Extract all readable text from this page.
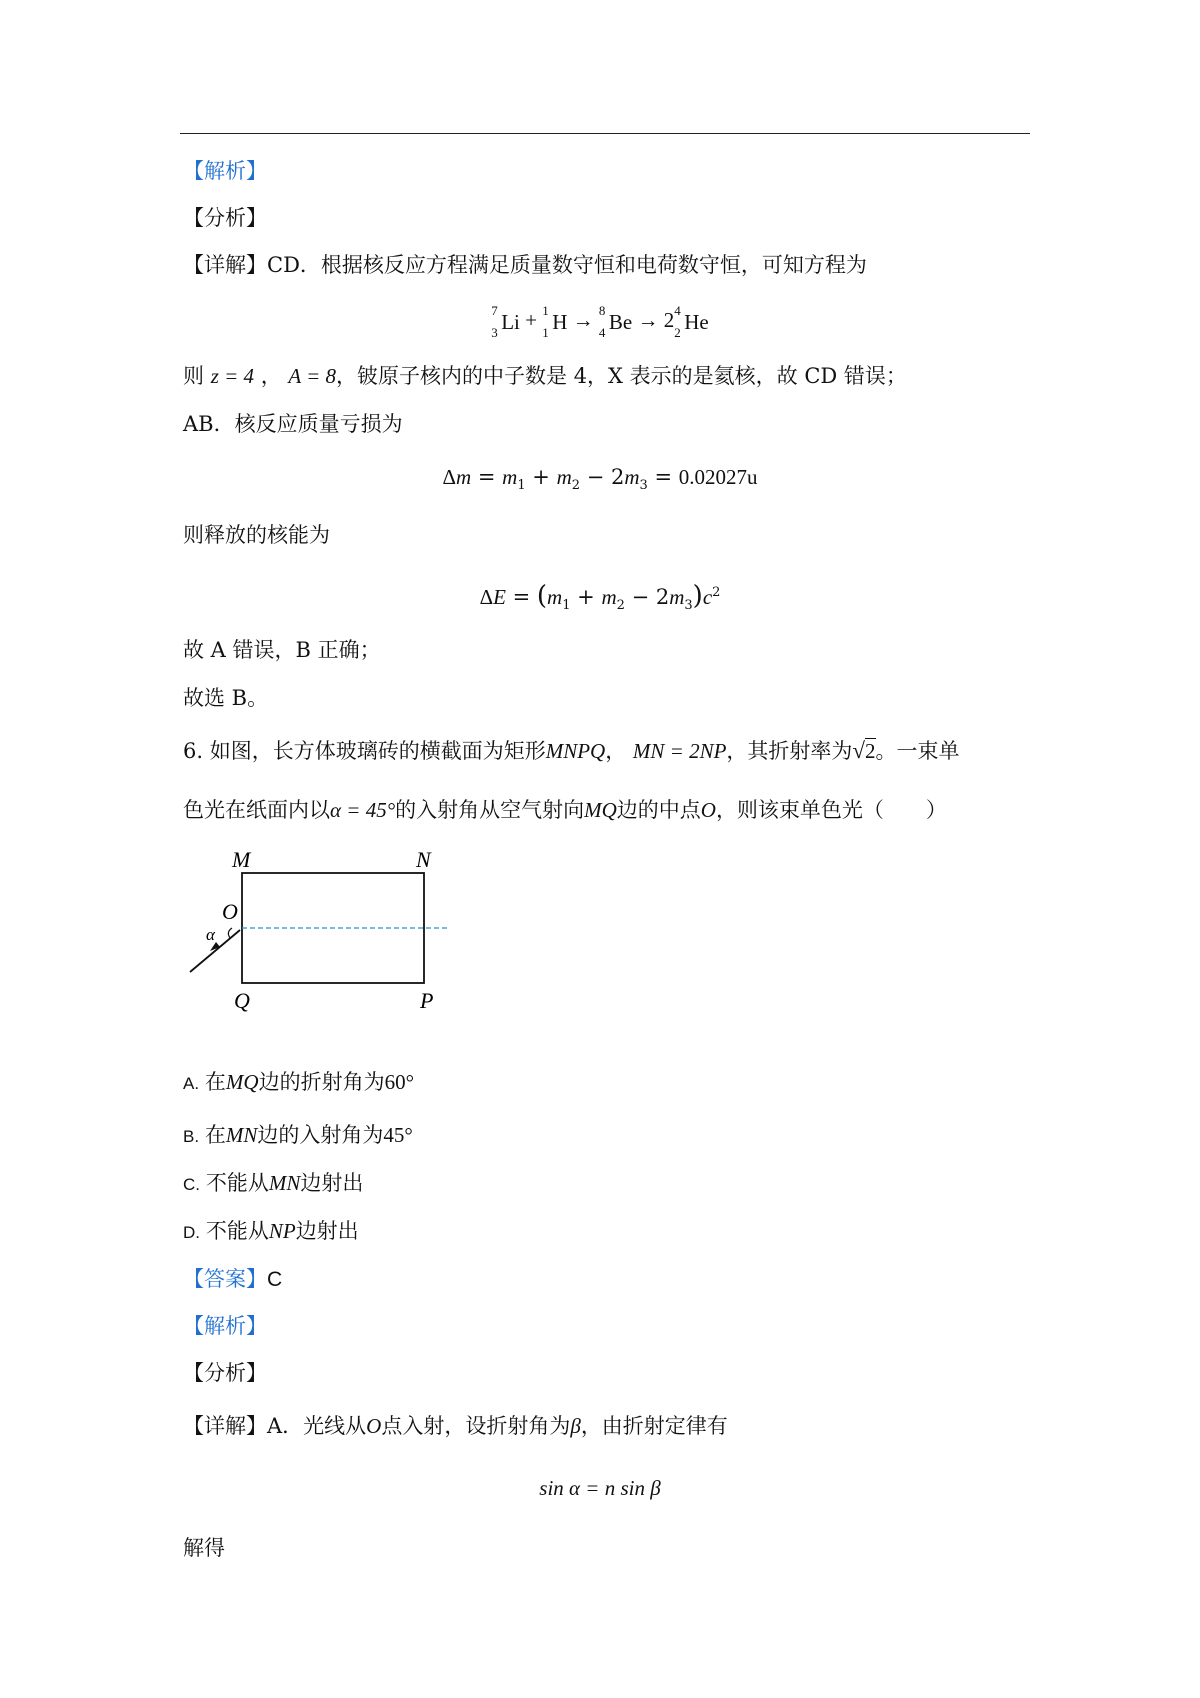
【解析】
【分析】
【详解】CD．根据核反应方程满足质量数守恒和电荷数守恒，可知方程为
7
3 Li + 1
1 H → 8
4 Be → 2 4
2 He
则 z = 4 ， A = 8，铍原子核内的中子数是 4，X 表示的是氦核，故 CD 错误；
AB．核反应质量亏损为
$\Delta m = m_1 + m_2 - 2m_3 = 0.02027u$
则释放的核能为
$\Delta E = (m_1 + m_2 - 2m_3)c^2$
故 A 错误，B 正确；
故选 B。
6. 如图，长方体玻璃砖的横截面为矩形MNPQ， MN = 2NP，其折射率为√2。一束单
色光在纸面内以α = 45°的入射角从空气射向MQ边的中点O，则该束单色光（　　）
M	N
O
α
Q	P
A. 在MQ边的折射角为60°
B. 在MN边的入射角为45°
C. 不能从MN边射出
D. 不能从NP边射出
【答案】C
【解析】
【分析】
【详解】A．光线从O点入射，设折射角为β，由折射定律有
sin α = n sin β
解得
